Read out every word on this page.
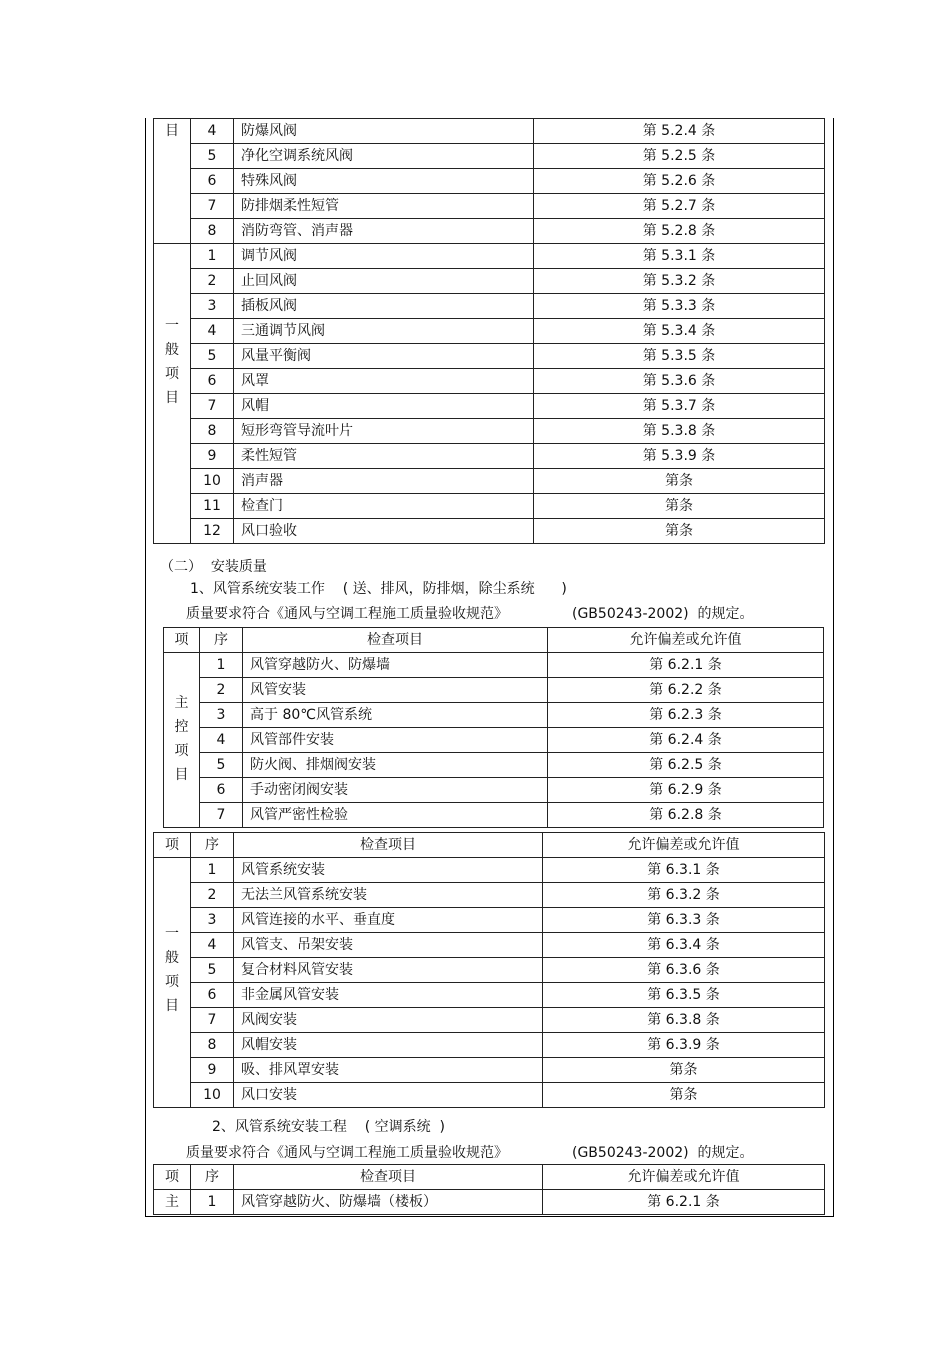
目	4	防爆风阀	第 5.2.4 条
	5	净化空调系统风阀	第 5.2.5 条
	6	特殊风阀	第 5.2.6 条
	7	防排烟柔性短管	第 5.2.7 条
	8	消防弯管、消声器	第 5.2.8 条

一
般
项
目	1	调节风阀	第 5.3.1 条
	2	止回风阀	第 5.3.2 条
	3	插板风阀	第 5.3.3 条
	4	三通调节风阀	第 5.3.4 条
	5	风量平衡阀	第 5.3.5 条
	6	风罩	第 5.3.6 条
	7	风帽	第 5.3.7 条
	8	短形弯管导流叶片	第 5.3.8 条
	9	柔性短管	第 5.3.9 条
	10	消声器	第条
	11	检查门	第条
	12	风口验收	第条
（二）  安装质量
1、风管系统安装工作    ( 送、排风，防排烟，除尘系统      )
质量要求符合《通风与空调工程施工质量验收规范》	(GB50243-2002)  的规定。
项	序	检查项目	允许偏差或允许值

主
控
项
目	1	风管穿越防火、防爆墙	第 6.2.1 条
	2	风管安装	第 6.2.2 条
	3	高于 80℃风管系统	第 6.2.3 条
	4	风管部件安装	第 6.2.4 条
	5	防火阀、排烟阀安装	第 6.2.5 条
	6	手动密闭阀安装	第 6.2.9 条
	7	风管严密性检验	第 6.2.8 条
项	序	检查项目	允许偏差或允许值

一
般
项
目	1	风管系统安装	第 6.3.1 条
	2	无法兰风管系统安装	第 6.3.2 条
	3	风管连接的水平、垂直度	第 6.3.3 条
	4	风管支、吊架安装	第 6.3.4 条
	5	复合材料风管安装	第 6.3.6 条
	6	非金属风管安装	第 6.3.5 条
	7	风阀安装	第 6.3.8 条
	8	风帽安装	第 6.3.9 条
	9	吸、排风罩安装	第条
	10	风口安装	第条
2、风管系统安装工程    ( 空调系统  )
质量要求符合《通风与空调工程施工质量验收规范》	(GB50243-2002)  的规定。
项	序	检查项目	允许偏差或允许值
主	1	风管穿越防火、防爆墙（楼板）	第 6.2.1 条
